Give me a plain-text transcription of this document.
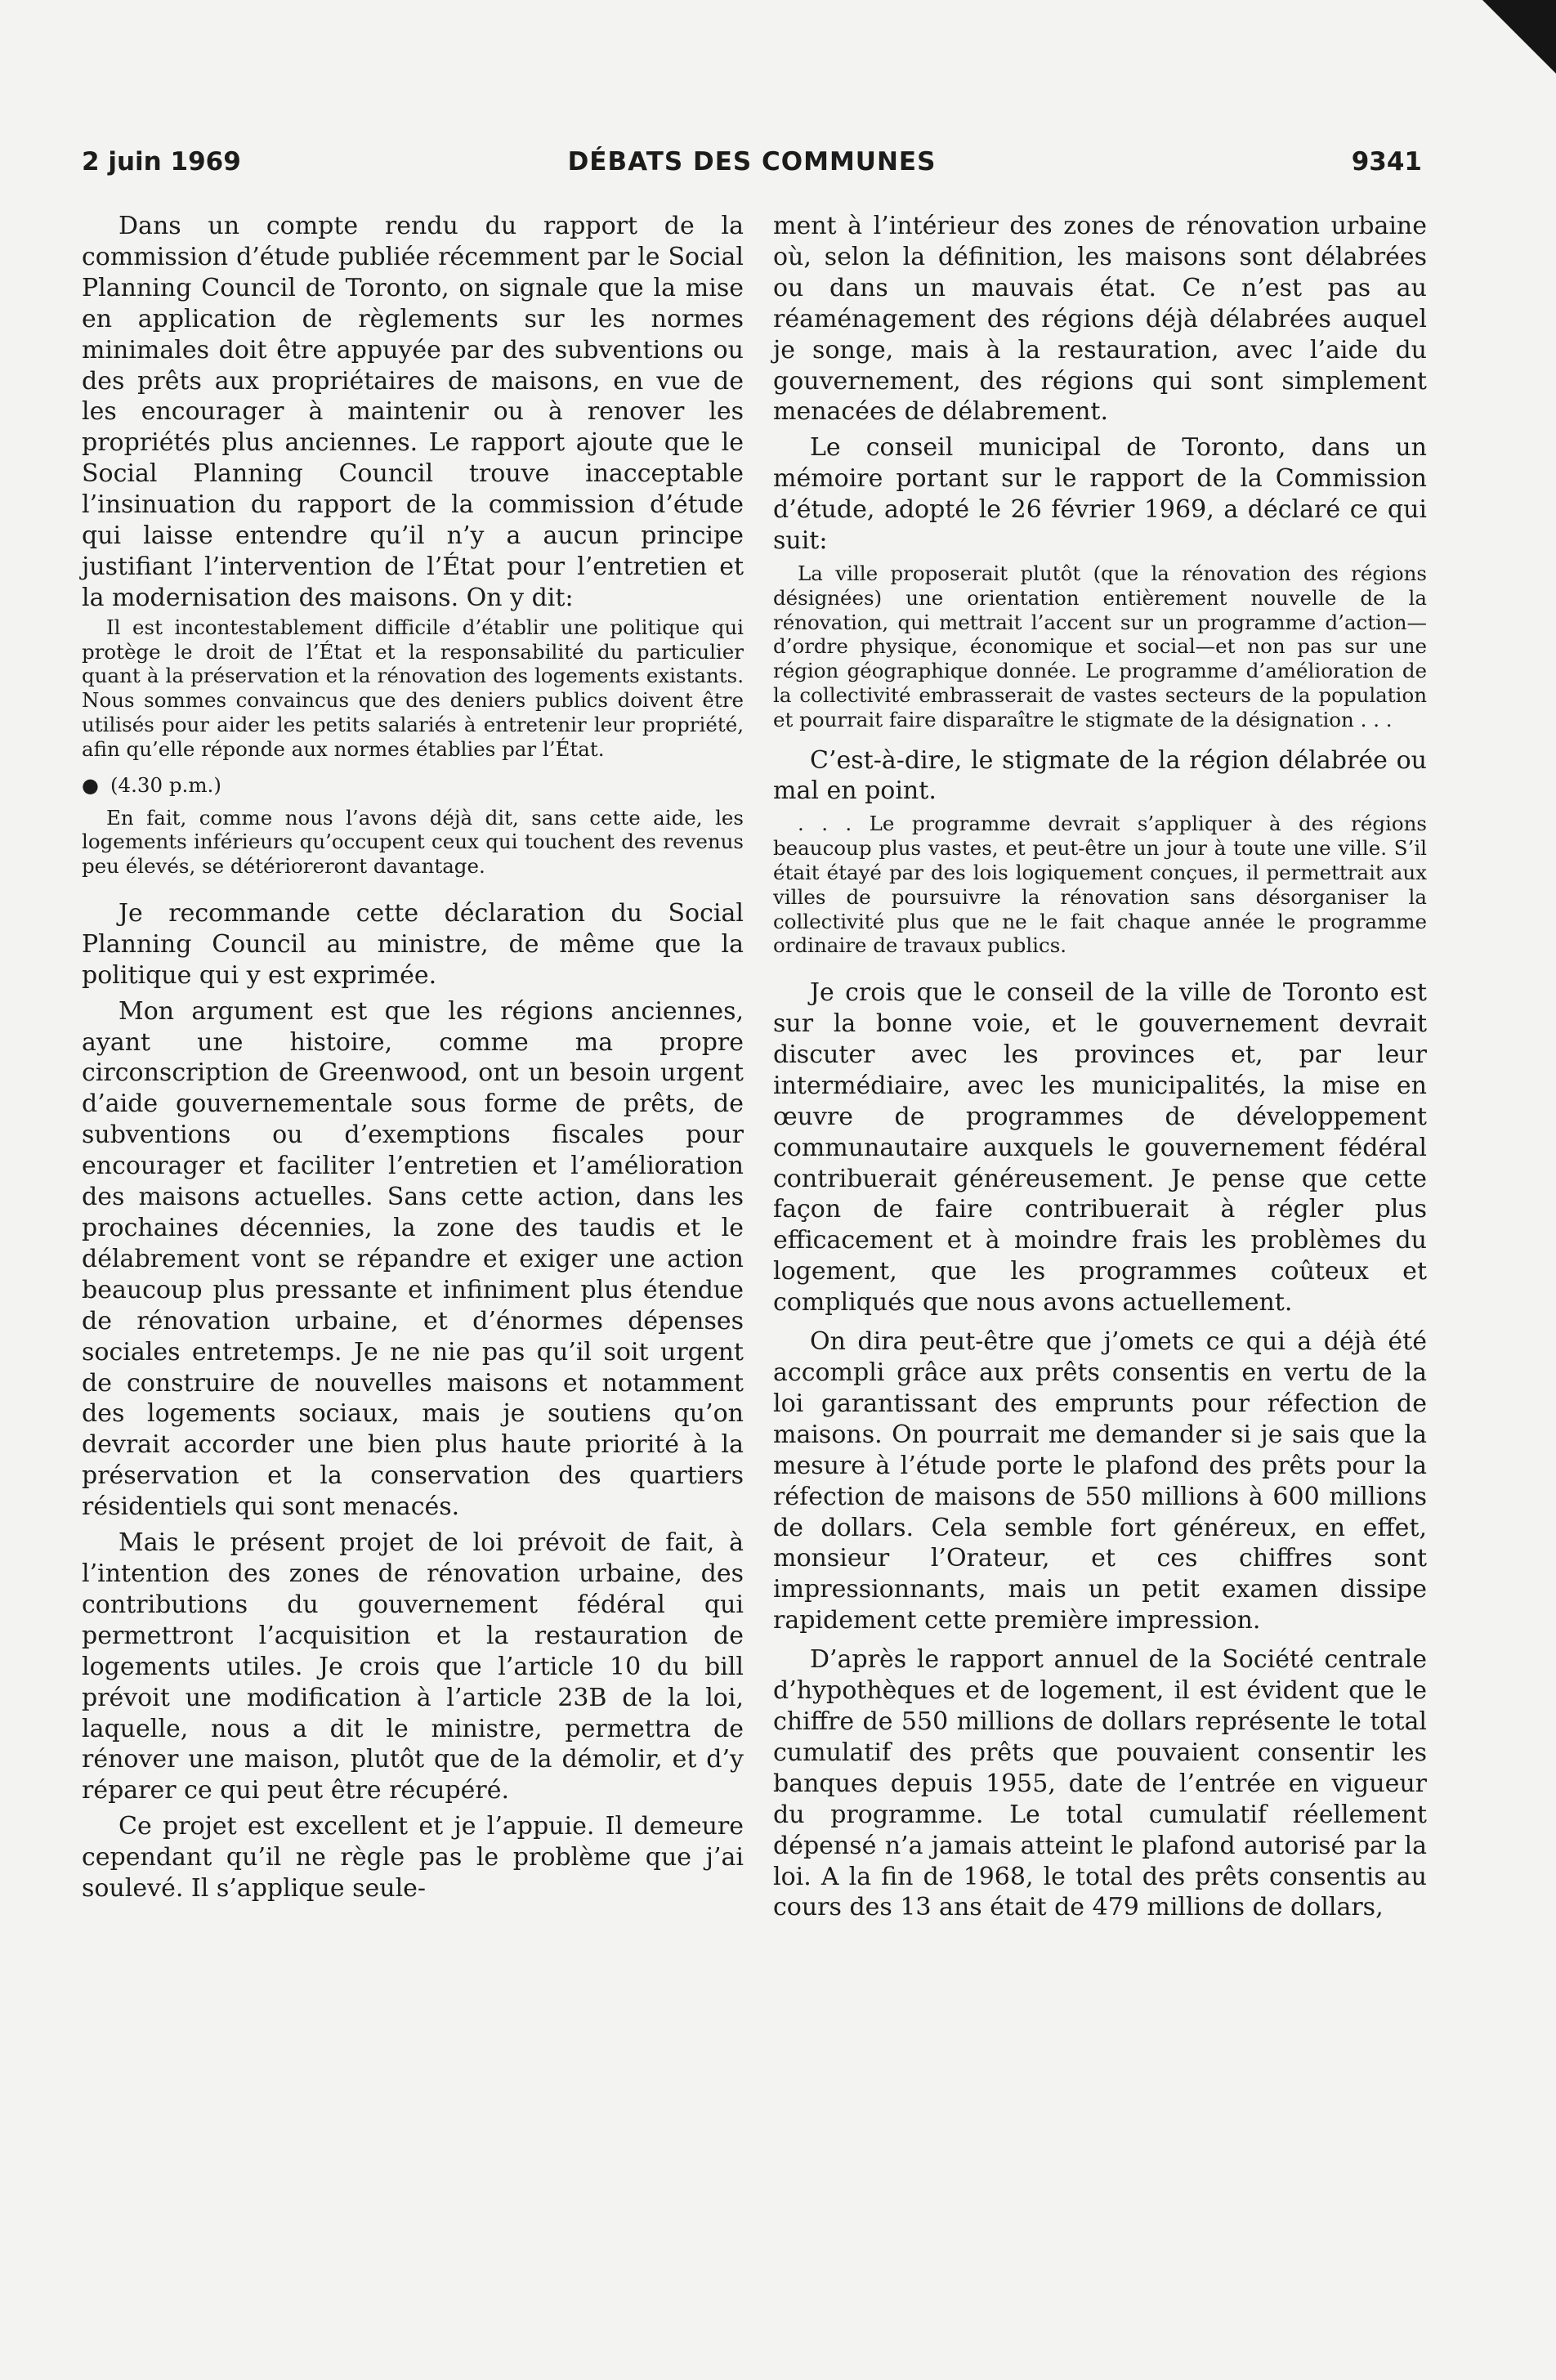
2 juin 1969	DÉBATS DES COMMUNES	9341

Dans un compte rendu du rapport de la commission d’étude publiée récemment par le Social Planning Council de Toronto, on signale que la mise en application de règlements sur les normes minimales doit être appuyée par des subventions ou des prêts aux propriétaires de maisons, en vue de les encourager à maintenir ou à renover les propriétés plus anciennes. Le rapport ajoute que le Social Planning Council trouve inacceptable l’insinuation du rapport de la commission d’étude qui laisse entendre qu’il n’y a aucun principe justifiant l’intervention de l’État pour l’entretien et la modernisation des maisons. On y dit:

Il est incontestablement difficile d’établir une politique qui protège le droit de l’État et la responsabilité du particulier quant à la préservation et la rénovation des logements existants. Nous sommes convaincus que des deniers publics doivent être utilisés pour aider les petits salariés à entretenir leur propriété, afin qu’elle réponde aux normes établies par l’État.

● (4.30 p.m.)

En fait, comme nous l’avons déjà dit, sans cette aide, les logements inférieurs qu’occupent ceux qui touchent des revenus peu élevés, se détérioreront davantage.

Je recommande cette déclaration du Social Planning Council au ministre, de même que la politique qui y est exprimée.

Mon argument est que les régions anciennes, ayant une histoire, comme ma propre circonscription de Greenwood, ont un besoin urgent d’aide gouvernementale sous forme de prêts, de subventions ou d’exemptions fiscales pour encourager et faciliter l’entretien et l’amélioration des maisons actuelles. Sans cette action, dans les prochaines décennies, la zone des taudis et le délabrement vont se répandre et exiger une action beaucoup plus pressante et infiniment plus étendue de rénovation urbaine, et d’énormes dépenses sociales entretemps. Je ne nie pas qu’il soit urgent de construire de nouvelles maisons et notamment des logements sociaux, mais je soutiens qu’on devrait accorder une bien plus haute priorité à la préservation et la conservation des quartiers résidentiels qui sont menacés.

Mais le présent projet de loi prévoit de fait, à l’intention des zones de rénovation urbaine, des contributions du gouvernement fédéral qui permettront l’acquisition et la restauration de logements utiles. Je crois que l’article 10 du bill prévoit une modification à l’article 23B de la loi, laquelle, nous a dit le ministre, permettra de rénover une maison, plutôt que de la démolir, et d’y réparer ce qui peut être récupéré.

Ce projet est excellent et je l’appuie. Il demeure cependant qu’il ne règle pas le problème que j’ai soulevé. Il s’applique seule-

ment à l’intérieur des zones de rénovation urbaine où, selon la définition, les maisons sont délabrées ou dans un mauvais état. Ce n’est pas au réaménagement des régions déjà délabrées auquel je songe, mais à la restauration, avec l’aide du gouvernement, des régions qui sont simplement menacées de délabrement.

Le conseil municipal de Toronto, dans un mémoire portant sur le rapport de la Commission d’étude, adopté le 26 février 1969, a déclaré ce qui suit:

La ville proposerait plutôt (que la rénovation des régions désignées) une orientation entièrement nouvelle de la rénovation, qui mettrait l’accent sur un programme d’action—d’ordre physique, économique et social—et non pas sur une région géographique donnée. Le programme d’amélioration de la collectivité embrasserait de vastes secteurs de la population et pourrait faire disparaître le stigmate de la désignation . . .

C’est-à-dire, le stigmate de la région délabrée ou mal en point.

. . . Le programme devrait s’appliquer à des régions beaucoup plus vastes, et peut-être un jour à toute une ville. S’il était étayé par des lois logiquement conçues, il permettrait aux villes de poursuivre la rénovation sans désorganiser la collectivité plus que ne le fait chaque année le programme ordinaire de travaux publics.

Je crois que le conseil de la ville de Toronto est sur la bonne voie, et le gouvernement devrait discuter avec les provinces et, par leur intermédiaire, avec les municipalités, la mise en œuvre de programmes de développement communautaire auxquels le gouvernement fédéral contribuerait généreusement. Je pense que cette façon de faire contribuerait à régler plus efficacement et à moindre frais les problèmes du logement, que les programmes coûteux et compliqués que nous avons actuellement.

On dira peut-être que j’omets ce qui a déjà été accompli grâce aux prêts consentis en vertu de la loi garantissant des emprunts pour réfection de maisons. On pourrait me demander si je sais que la mesure à l’étude porte le plafond des prêts pour la réfection de maisons de 550 millions à 600 millions de dollars. Cela semble fort généreux, en effet, monsieur l’Orateur, et ces chiffres sont impressionnants, mais un petit examen dissipe rapidement cette première impression.

D’après le rapport annuel de la Société centrale d’hypothèques et de logement, il est évident que le chiffre de 550 millions de dollars représente le total cumulatif des prêts que pouvaient consentir les banques depuis 1955, date de l’entrée en vigueur du programme. Le total cumulatif réellement dépensé n’a jamais atteint le plafond autorisé par la loi. A la fin de 1968, le total des prêts consentis au cours des 13 ans était de 479 millions de dollars,
